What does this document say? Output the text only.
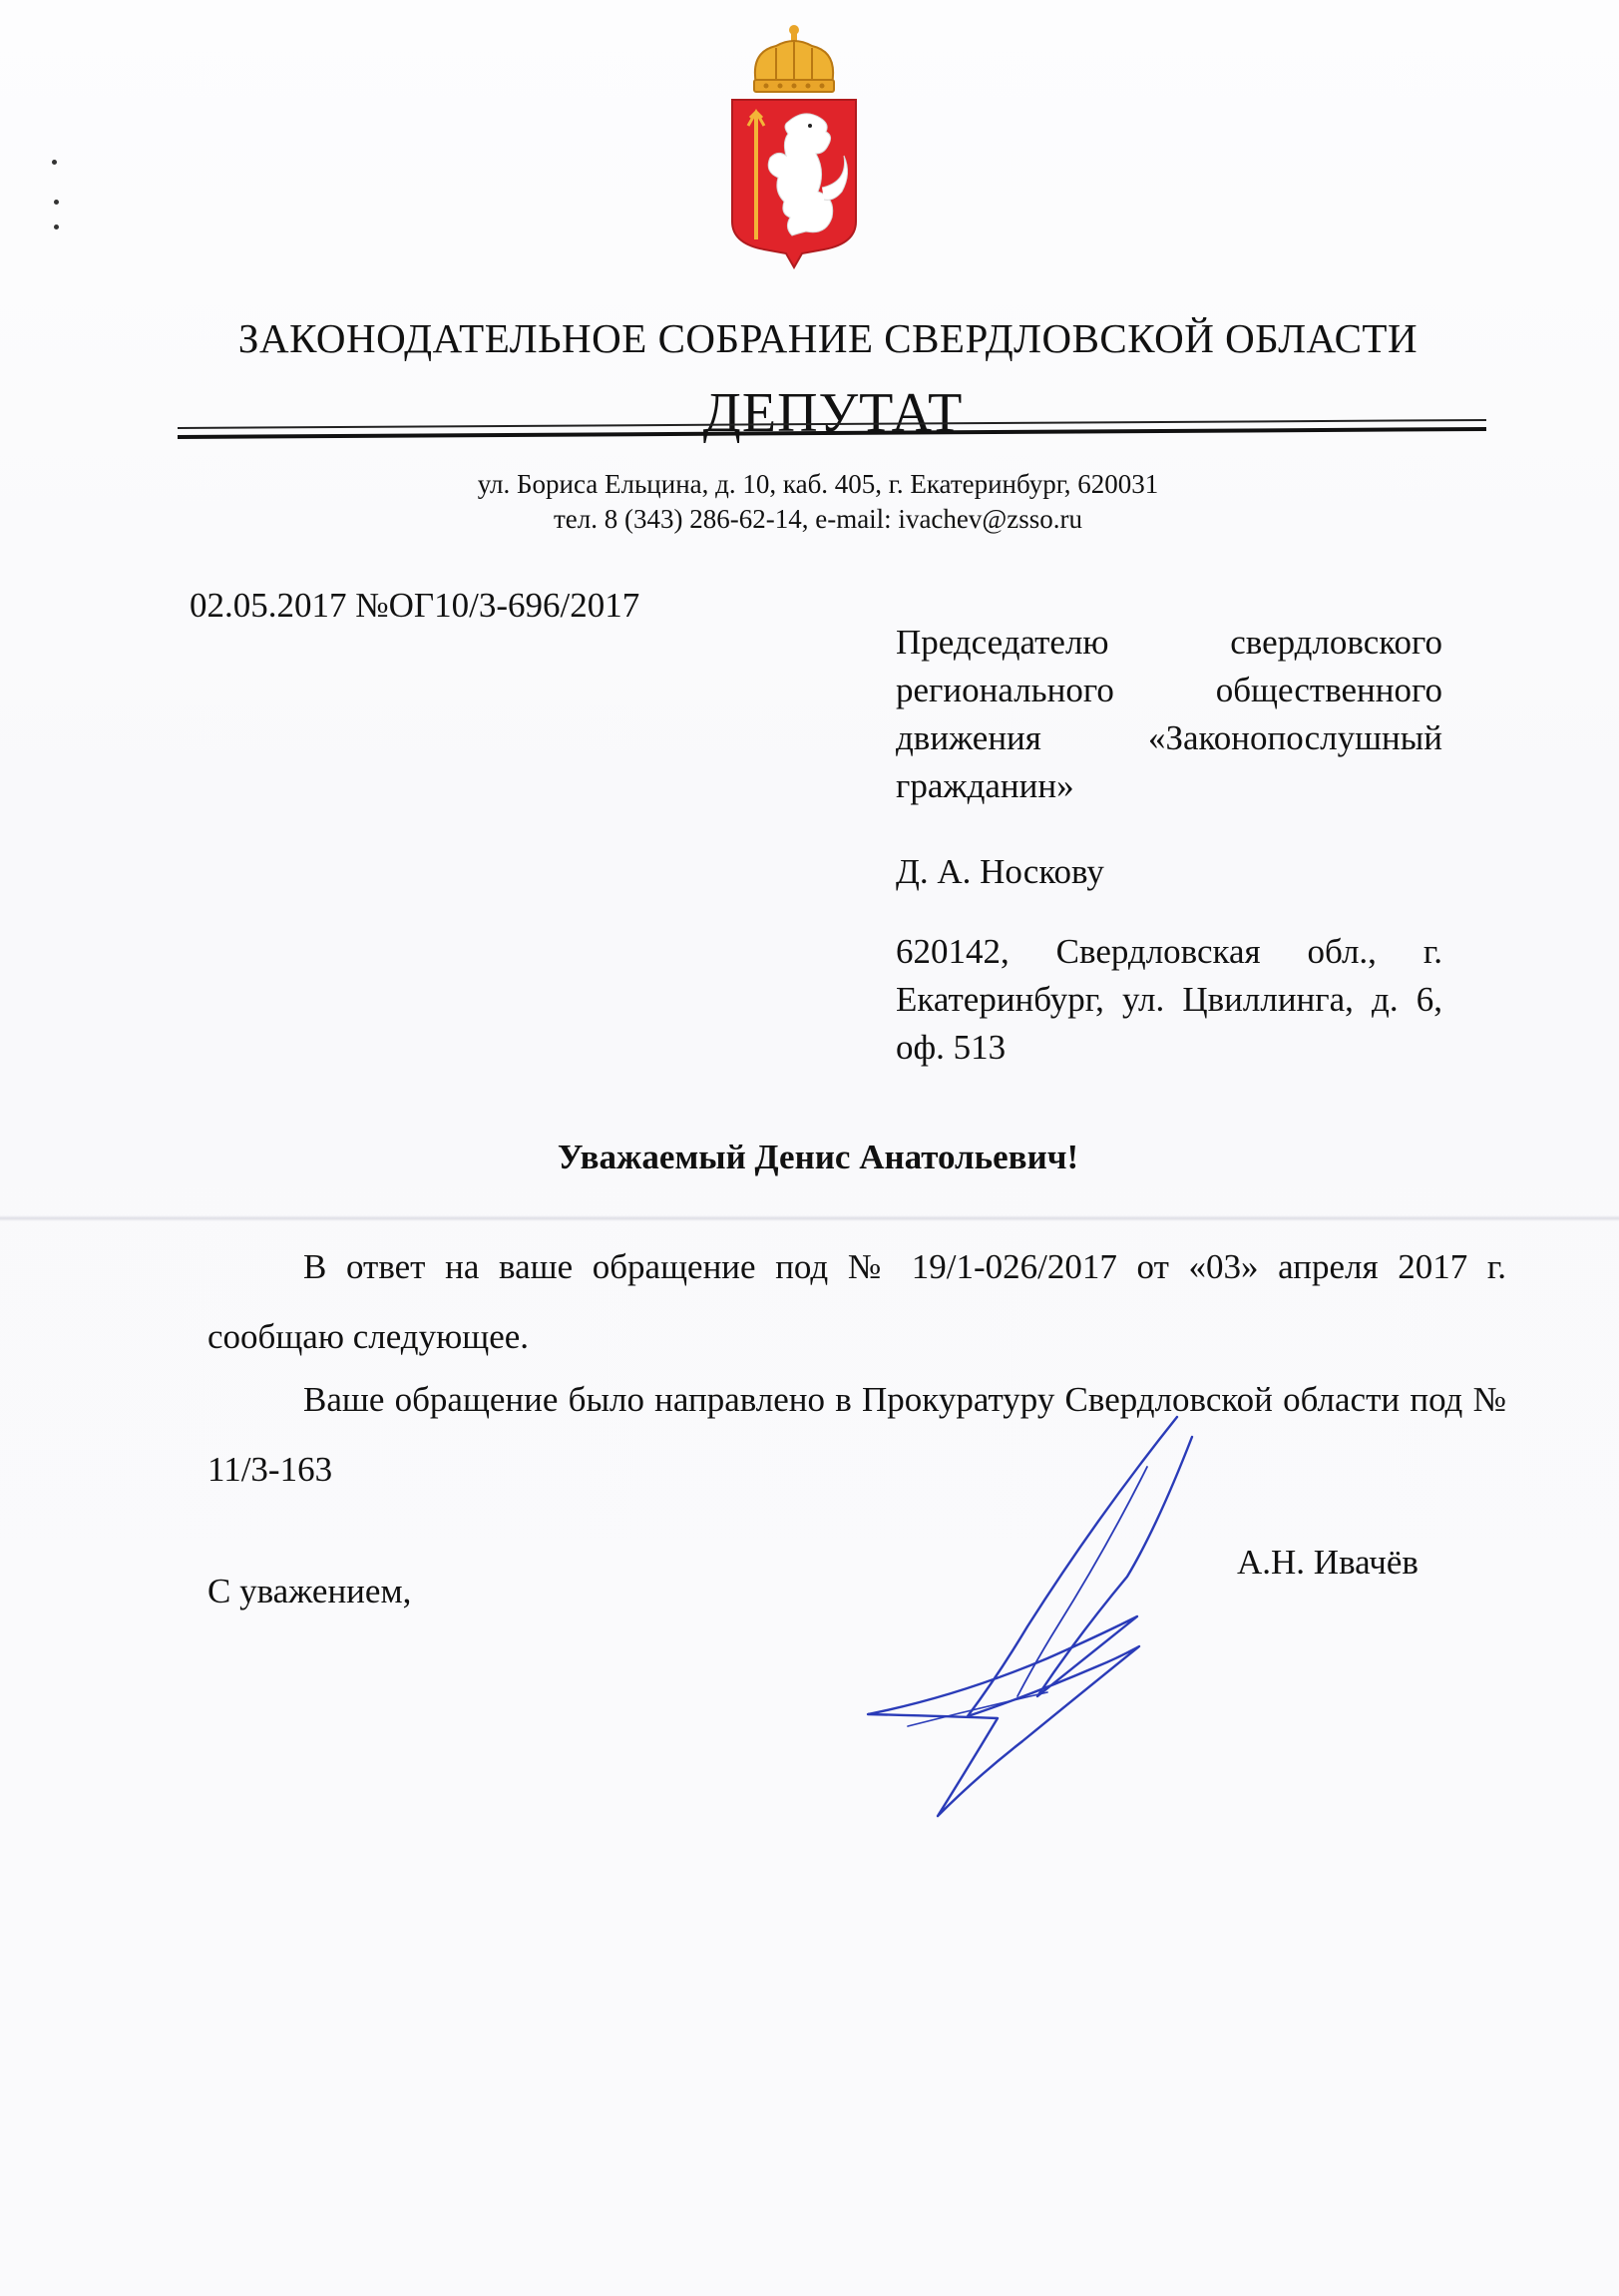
ЗАКОНОДАТЕЛЬНОЕ СОБРАНИЕ СВЕРДЛОВСКОЙ ОБЛАСТИ
ДЕПУТАТ
ул. Бориса Ельцина, д. 10, каб. 405, г. Екатеринбург, 620031
тел. 8 (343) 286-62-14, e-mail: ivachev@zsso.ru
02.05.2017 №ОГ10/3-696/2017
Председателю свердловского регионального общественного движения «Законопослушный гражданин»
Д. А. Носкову
620142, Свердловская обл., г. Екатеринбург, ул. Цвиллинга, д. 6, оф. 513
Уважаемый Денис Анатольевич!
В ответ на ваше обращение под № 19/1-026/2017 от «03» апреля 2017 г. сообщаю следующее.
Ваше обращение было направлено в Прокуратуру Свердловской области под № 11/3-163
С уважением,
А.Н. Ивачёв
